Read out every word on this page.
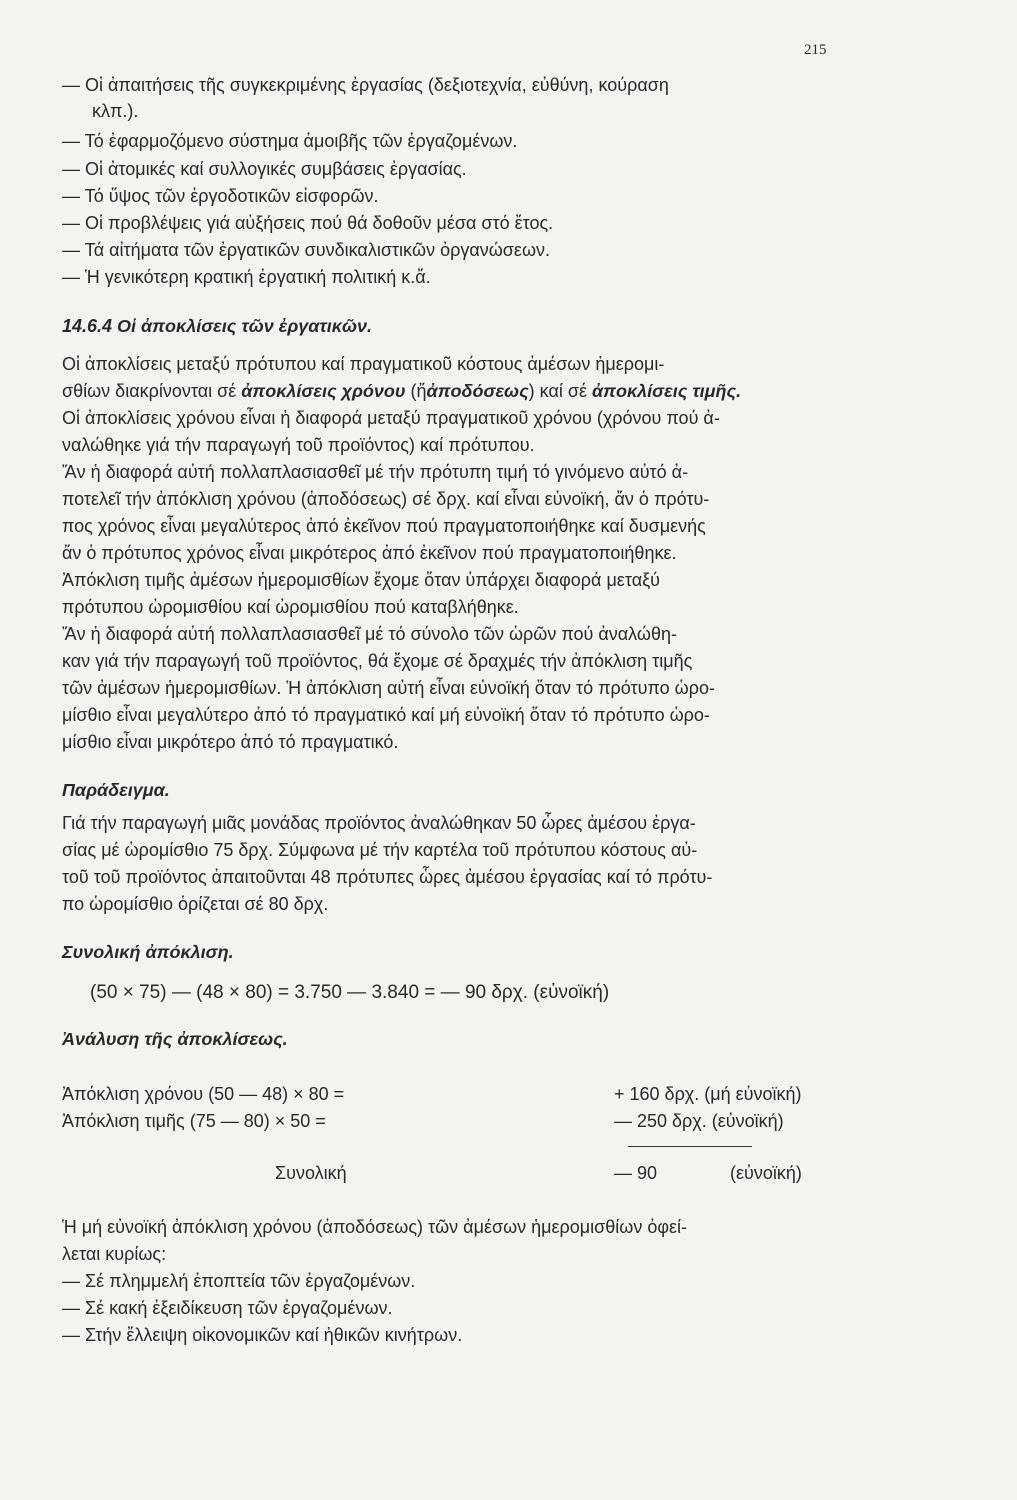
215
— Οἱ ἀπαιτήσεις τῆς συγκεκριμένης ἐργασίας (δεξιοτεχνία, εὐθύνη, κούραση
κλπ.).
— Τό ἐφαρμοζόμενο σύστημα ἀμοιβῆς τῶν ἐργαζομένων.
— Οἱ ἀτομικές καί συλλογικές συμβάσεις ἐργασίας.
— Τό ὕψος τῶν ἐργοδοτικῶν εἰσφορῶν.
— Οἱ προβλέψεις γιά αὐξήσεις πού θά δοθοῦν μέσα στό ἔτος.
— Τά αἰτήματα τῶν ἐργατικῶν συνδικαλιστικῶν ὀργανώσεων.
— Ἡ γενικότερη κρατική ἐργατική πολιτική κ.ἄ.
14.6.4 Οἱ ἀποκλίσεις τῶν ἐργατικῶν.
Οἱ ἀποκλίσεις μεταξύ πρότυπου καί πραγματικοῦ κόστους ἀμέσων ἡμερομι-
σθίων διακρίνονται σέ ἀποκλίσεις χρόνου (ἤἀποδόσεως) καί σέ ἀποκλίσεις τιμῆς.
Οἱ ἀποκλίσεις χρόνου εἶναι ἡ διαφορά μεταξύ πραγματικοῦ χρόνου (χρόνου πού ἀ-
ναλώθηκε γιά τήν παραγωγή τοῦ προϊόντος) καί πρότυπου.
Ἄν ἡ διαφορά αὐτή πολλαπλασιασθεῖ μέ τήν πρότυπη τιμή τό γινόμενο αὐτό ἀ-
ποτελεῖ τήν ἀπόκλιση χρόνου (ἀποδόσεως) σέ δρχ. καί εἶναι εὐνοϊκή, ἄν ὁ πρότυ-
πος χρόνος εἶναι μεγαλύτερος ἀπό ἐκεῖνον πού πραγματοποιήθηκε καί δυσμενής
ἄν ὁ πρότυπος χρόνος εἶναι μικρότερος ἀπό ἐκεῖνον πού πραγματοποιήθηκε.
Ἀπόκλιση τιμῆς ἀμέσων ἡμερομισθίων ἔχομε ὅταν ὑπάρχει διαφορά μεταξύ
πρότυπου ὠρομισθίου καί ὠρομισθίου πού καταβλήθηκε.
Ἄν ἡ διαφορά αὐτή πολλαπλασιασθεῖ μέ τό σύνολο τῶν ὡρῶν πού ἀναλώθη-
καν γιά τήν παραγωγή τοῦ προϊόντος, θά ἔχομε σέ δραχμές τήν ἀπόκλιση τιμῆς
τῶν ἀμέσων ἡμερομισθίων. Ἡ ἀπόκλιση αὐτή εἶναι εὐνοϊκή ὅταν τό πρότυπο ὡρο-
μίσθιο εἶναι μεγαλύτερο ἀπό τό πραγματικό καί μή εὐνοϊκή ὅταν τό πρότυπο ὡρο-
μίσθιο εἶναι μικρότερο ἀπό τό πραγματικό.
Παράδειγμα.
Γιά τήν παραγωγή μιᾶς μονάδας προϊόντος ἀναλώθηκαν 50 ὧρες ἀμέσου ἐργα-
σίας μέ ὡρομίσθιο 75 δρχ. Σύμφωνα μέ τήν καρτέλα τοῦ πρότυπου κόστους αὐ-
τοῦ τοῦ προϊόντος ἀπαιτοῦνται 48 πρότυπες ὧρες ἀμέσου ἐργασίας καί τό πρότυ-
πο ὡρομίσθιο ὁρίζεται σέ 80 δρχ.
Συνολική ἀπόκλιση.
(50 × 75) — (48 × 80) = 3.750 — 3.840 = — 90 δρχ. (εὐνοϊκή)
Ἀνάλυση τῆς ἀποκλίσεως.
Ἀπόκλιση χρόνου (50 — 48) × 80 =	+ 160 δρχ. (μή εὐνοϊκή)
Ἀπόκλιση τιμῆς (75 — 80) × 50 =	— 250 δρχ. (εὐνοϊκή)
Συνολική	— 90	(εὐνοϊκή)
Ἡ μή εὐνοϊκή ἀπόκλιση χρόνου (ἀποδόσεως) τῶν ἀμέσων ἡμερομισθίων ὀφεί-
λεται κυρίως:
— Σέ πλημμελή ἐποπτεία τῶν ἐργαζομένων.
— Σέ κακή ἐξειδίκευση τῶν ἐργαζομένων.
— Στήν ἔλλειψη οἰκονομικῶν καί ἠθικῶν κινήτρων.
